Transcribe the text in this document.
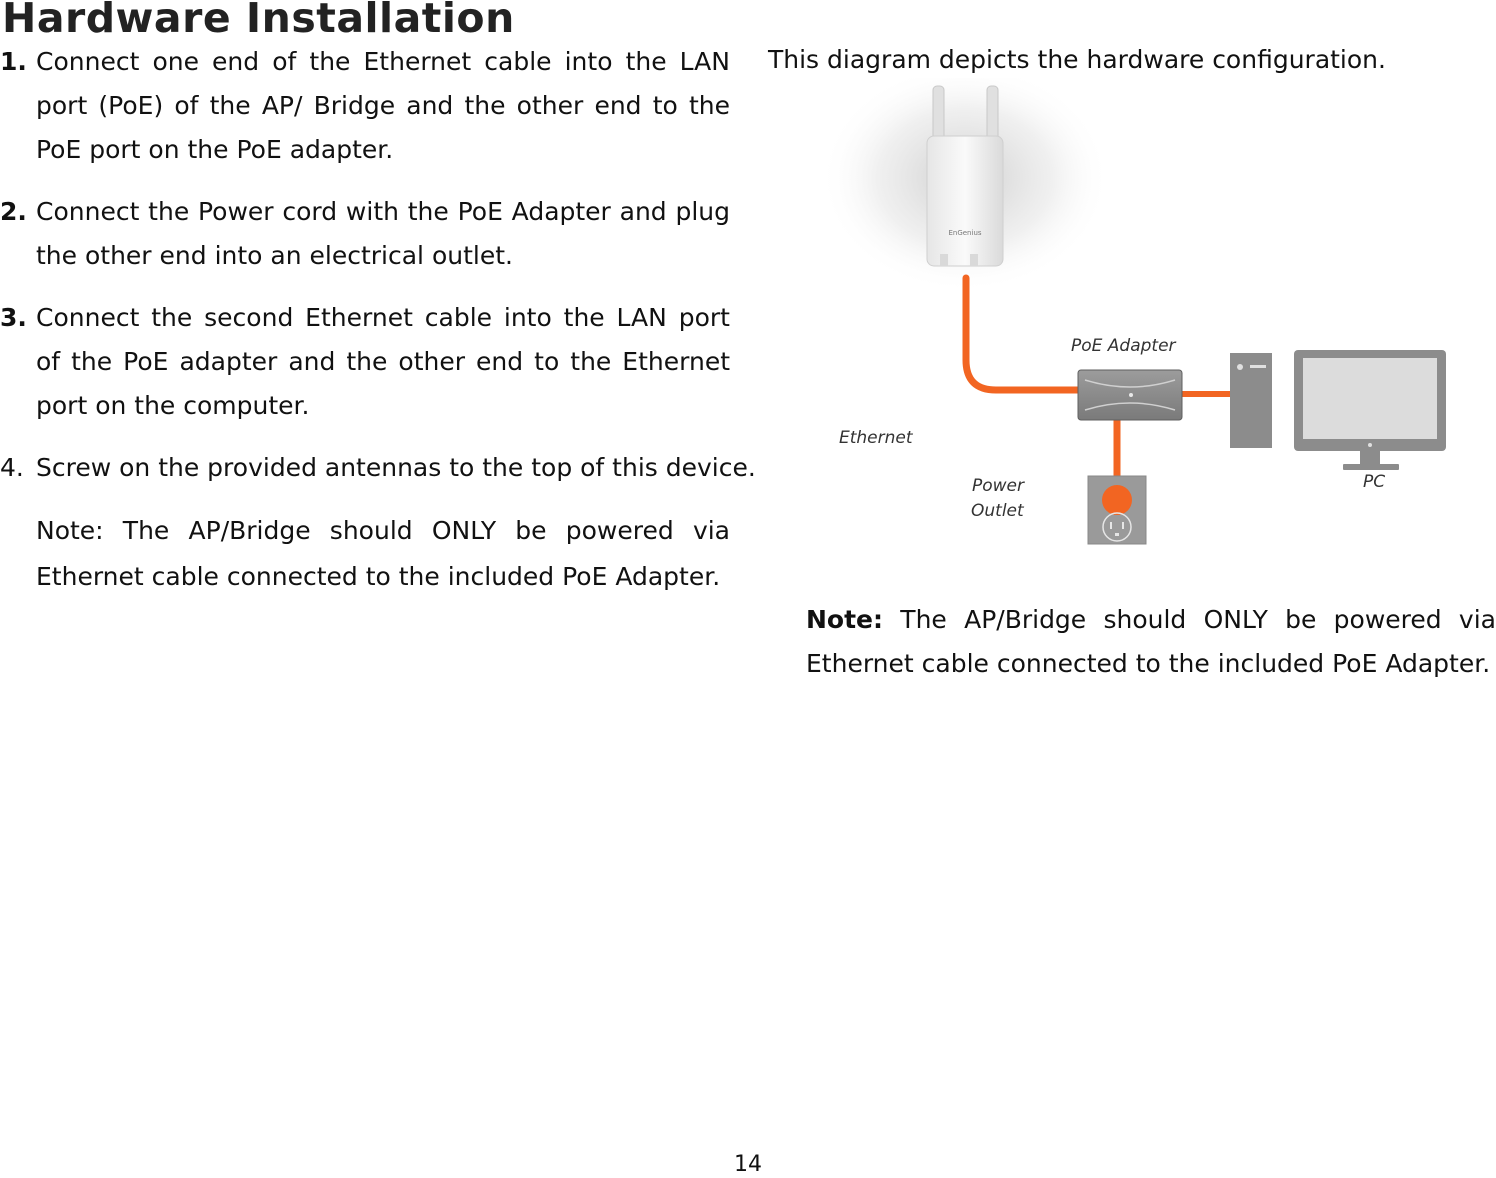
Hardware Installation
1. Connect one end of the Ethernet cable into the LAN port (PoE) of the AP/ Bridge and the other end to the PoE port on the PoE adapter.
2. Connect the Power cord with the PoE Adapter and plug the other end into an electrical outlet.
3. Connect the second Ethernet cable into the LAN port of the PoE adapter and the other end to the Ethernet port on the computer.
4. Screw on the provided antennas to the top of this device.
Note: The AP/Bridge should ONLY be powered via Ethernet cable connected to the included PoE Adapter.
This diagram depicts the hardware configuration.
EnGenius
PoE Adapter
Ethernet
Power
Outlet
PC
Note: The AP/Bridge should ONLY be powered via Ethernet cable connected to the included PoE Adapter.
14
